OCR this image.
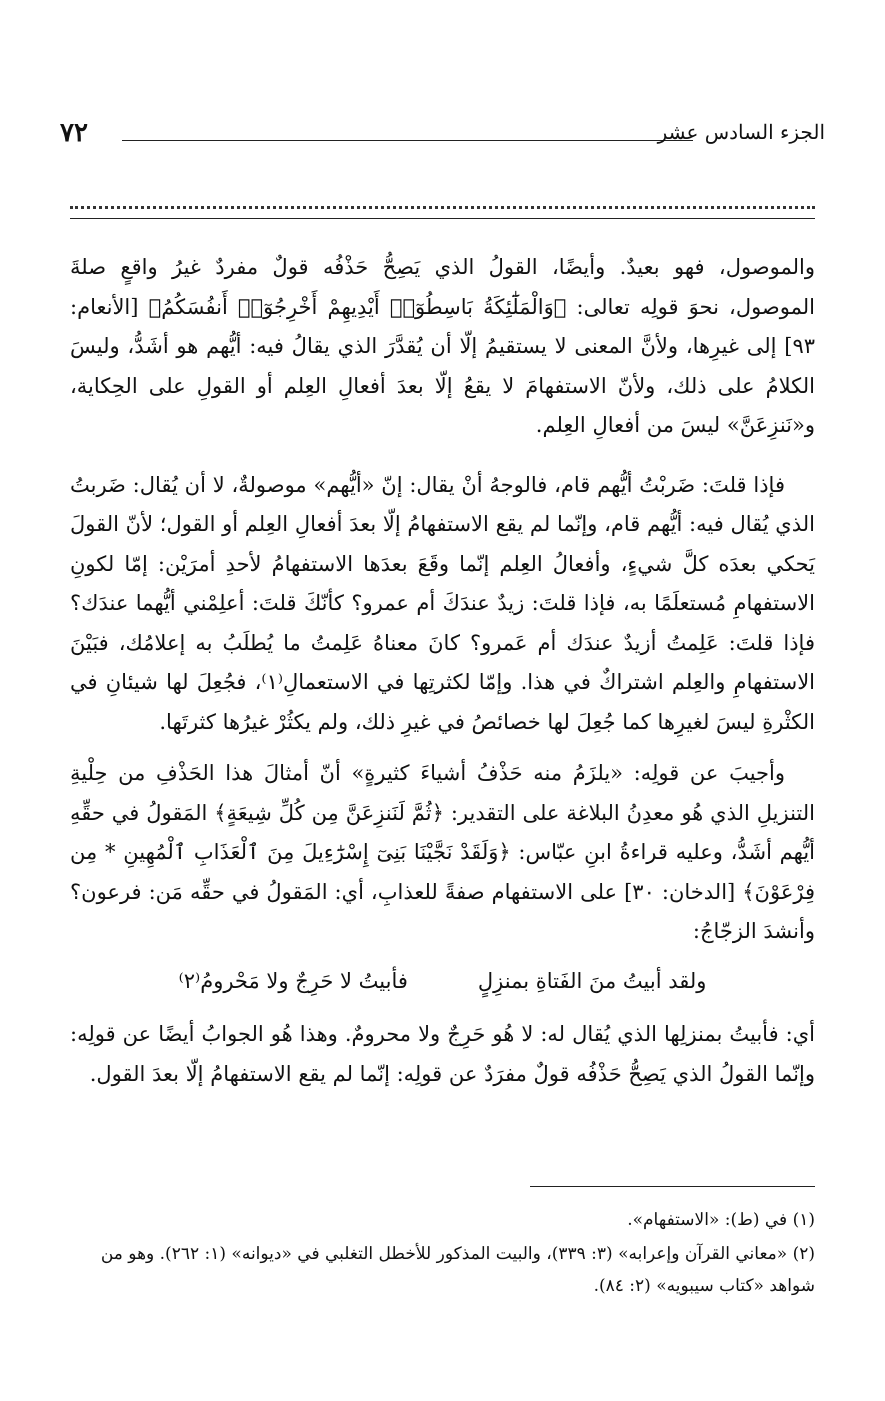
٧٢	الجزء السادس عشر

والموصول، فهو بعيدٌ. وأيضًا، القولُ الذي يَصِحُّ حَذْفُه قولٌ مفردٌ غيرُ واقعٍ صلةَ الموصول، نحوَ قولِه تعالى: ﴿وَالْمَلَٰٓئِكَةُ بَاسِطُوٓا۟ أَيْدِيهِمْ أَخْرِجُوٓا۟ أَنفُسَكُمُ﴾ [الأنعام: ٩٣] إلى غيرِها، ولأنَّ المعنى لا يستقيمُ إلّا أن يُقدَّرَ الذي يقالُ فيه: أيُّهم هو أشَدُّ، وليسَ الكلامُ على ذلك، ولأنّ الاستفهامَ لا يقعُ إلّا بعدَ أفعالِ العِلم أو القولِ على الحِكاية، و«نَنزِعَنَّ» ليسَ من أفعالِ العِلم.

فإذا قلتَ: ضَربْتُ أيُّهم قام، فالوجهُ أنْ يقال: إنّ «أيُّهم» موصولةٌ، لا أن يُقال: ضَربتُ الذي يُقال فيه: أيُّهم قام، وإنّما لم يقع الاستفهامُ إلّا بعدَ أفعالِ العِلم أو القول؛ لأنّ القولَ يَحكي بعدَه كلَّ شيءٍ، وأفعالُ العِلم إنّما وقَعَ بعدَها الاستفهامُ لأحدِ أمرَيْن: إمّا لكونِ الاستفهامِ مُستعلَمًا به، فإذا قلتَ: زيدٌ عندَكَ أم عمرو؟ كأنّكَ قلتَ: أعلِمْني أيُّهما عندَك؟ فإذا قلتَ: عَلِمتُ أزيدٌ عندَك أم عَمرو؟ كانَ معناهُ عَلِمتُ ما يُطلَبُ به إعلامُك، فبَيْنَ الاستفهامِ والعِلم اشتراكٌ في هذا. وإمّا لكثرتِها في الاستعمالِ⁽١⁾، فجُعِلَ لها شيئانِ في الكثْرةِ ليسَ لغيرِها كما جُعِلَ لها خصائصُ في غيرِ ذلك، ولم يكثُرْ غيرُها كثرتَها.

وأجيبَ عن قولِه: «يلزَمُ منه حَذْفُ أشياءَ كثيرةٍ» أنّ أمثالَ هذا الحَذْفِ من حِلْيةِ التنزيلِ الذي هُو معدِنُ البلاغة على التقدير: ﴿ثُمَّ لَنَنزِعَنَّ مِن كُلِّ شِيعَةٍ﴾ المَقولُ في حقِّهِ أيُّهم أشَدُّ، وعليه قراءةُ ابنِ عبّاس: ﴿وَلَقَدْ نَجَّيْنَا بَنِىٓ إِسْرَٰٓءِيلَ مِنَ ٱلْعَذَابِ ٱلْمُهِينِ * مِن فِرْعَوْنَ﴾ [الدخان: ٣٠] على الاستفهام صفةً للعذابِ، أي: المَقولُ في حقِّه مَن: فرعون؟ وأنشدَ الزجّاجُ:

ولقد أبيتُ منَ الفَتاةِ بمنزِلٍ
فأبيتُ لا حَرِجٌ ولا مَحْرومُ⁽٢⁾

أي: فأبيتُ بمنزلِها الذي يُقال له: لا هُو حَرِجٌ ولا محرومٌ. وهذا هُو الجوابُ أيضًا عن قولِه: وإنّما القولُ الذي يَصِحُّ حَذْفُه قولٌ مفرَدٌ عن قولِه: إنّما لم يقع الاستفهامُ إلّا بعدَ القول.

(١) في (ط): «الاستفهام».

(٢) «معاني القرآن وإعرابه» (٣: ٣٣٩)، والبيت المذكور للأخطل التغلبي في «ديوانه» (١: ٢٦٢). وهو من شواهد «كتاب سيبويه» (٢: ٨٤).
